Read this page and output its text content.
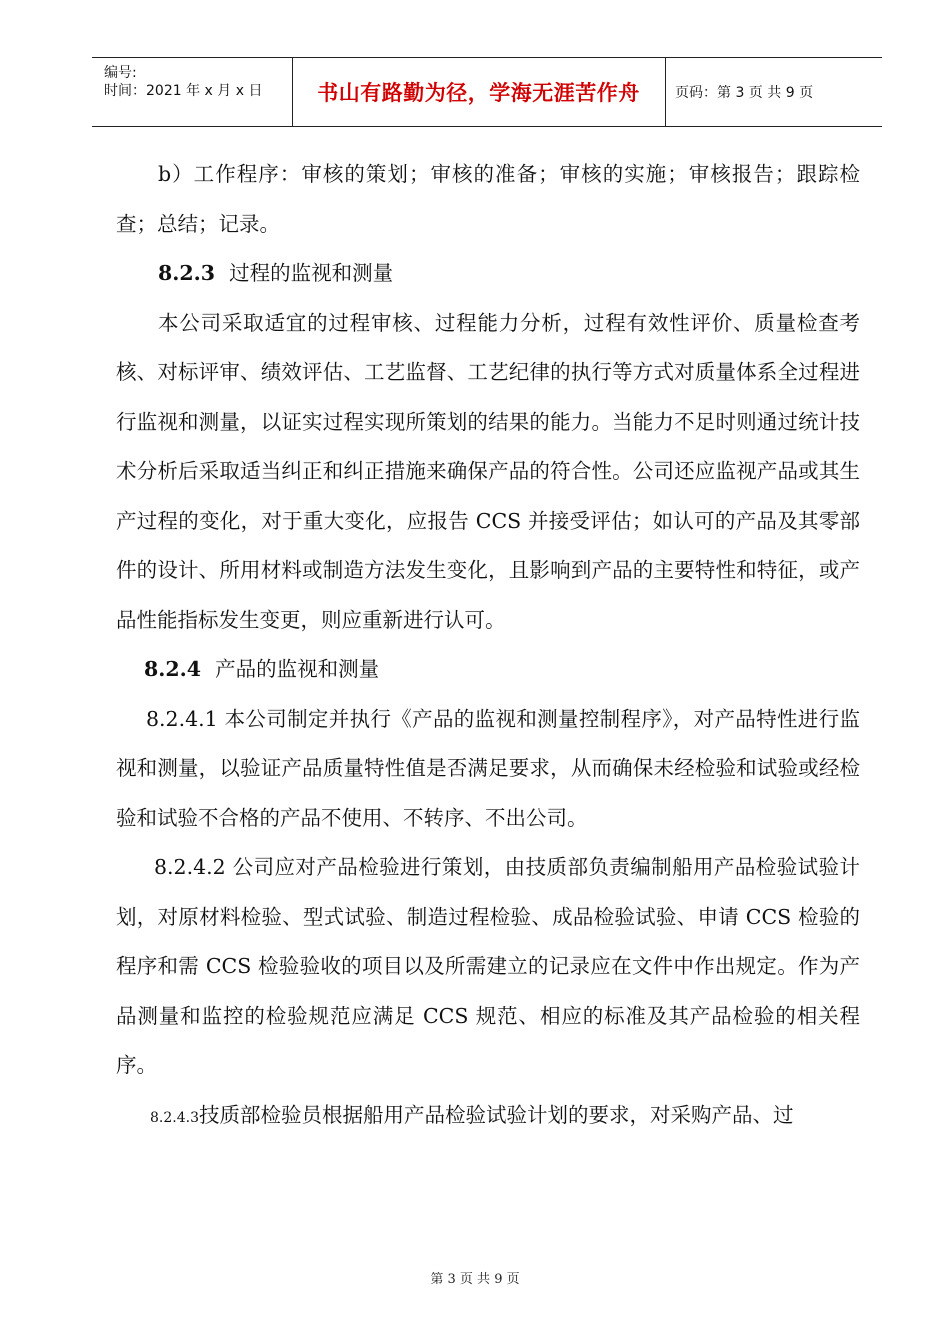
编号:
时间：2021 年 x 月 x 日	书山有路勤为径，学海无涯苦作舟	页码：第 3 页 共 9 页

b）工作程序：审核的策划；审核的准备；审核的实施；审核报告；跟踪检查；总结；记录。

8.2.3 过程的监视和测量

本公司采取适宜的过程审核、过程能力分析，过程有效性评价、质量检查考核、对标评审、绩效评估、工艺监督、工艺纪律的执行等方式对质量体系全过程进行监视和测量，以证实过程实现所策划的结果的能力。当能力不足时则通过统计技术分析后采取适当纠正和纠正措施来确保产品的符合性。公司还应监视产品或其生产过程的变化，对于重大变化，应报告 CCS 并接受评估；如认可的产品及其零部件的设计、所用材料或制造方法发生变化，且影响到产品的主要特性和特征，或产品性能指标发生变更，则应重新进行认可。

8.2.4 产品的监视和测量

8.2.4.1 本公司制定并执行《产品的监视和测量控制程序》，对产品特性进行监视和测量，以验证产品质量特性值是否满足要求，从而确保未经检验和试验或经检验和试验不合格的产品不使用、不转序、不出公司。

8.2.4.2 公司应对产品检验进行策划，由技质部负责编制船用产品检验试验计划，对原材料检验、型式试验、制造过程检验、成品检验试验、申请 CCS 检验的程序和需 CCS 检验验收的项目以及所需建立的记录应在文件中作出规定。作为产品测量和监控的检验规范应满足 CCS 规范、相应的标准及其产品检验的相关程序。

8.2.4.3技质部检验员根据船用产品检验试验计划的要求，对采购产品、过

第 3 页 共 9 页
